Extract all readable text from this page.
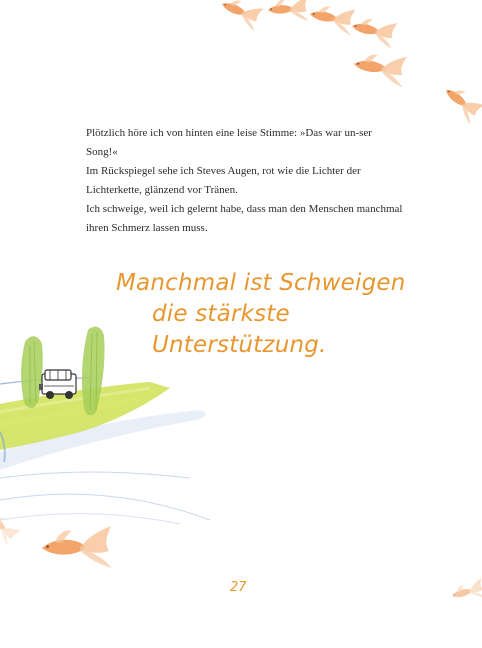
Plötzlich höre ich von hinten eine leise Stimme: »Das war un-ser Song!«

Im Rückspiegel sehe ich Steves Augen, rot wie die Lichter der Lichterkette, glänzend vor Tränen.

Ich schweige, weil ich gelernt habe, dass man den Menschen manchmal ihren Schmerz lassen muss.

Manchmal ist Schweigen
die stärkste Unterstützung.
27
